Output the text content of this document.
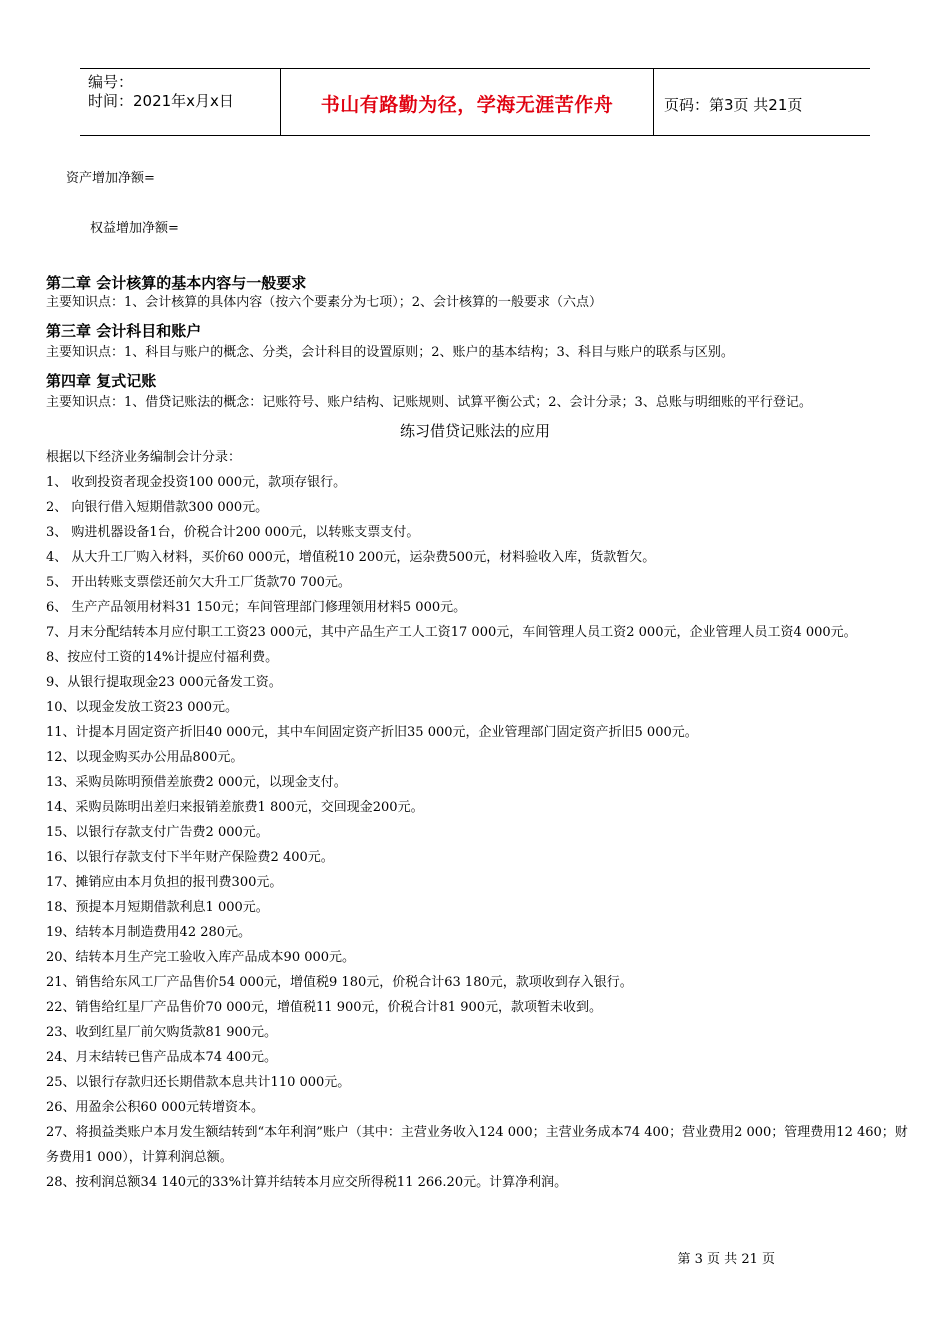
编号：
时间：2021年x月x日	书山有路勤为径，学海无涯苦作舟	页码：第3页 共21页
资产增加净额=
权益增加净额=
第二章 会计核算的基本内容与一般要求
主要知识点：1、会计核算的具体内容（按六个要素分为七项）；2、会计核算的一般要求（六点）
第三章 会计科目和账户
主要知识点：1、科目与账户的概念、分类，会计科目的设置原则；2、账户的基本结构；3、科目与账户的联系与区别。
第四章 复式记账
主要知识点：1、借贷记账法的概念：记账符号、账户结构、记账规则、试算平衡公式；2、会计分录；3、总账与明细账的平行登记。
练习借贷记账法的应用
根据以下经济业务编制会计分录：
1、 收到投资者现金投资100 000元，款项存银行。
2、 向银行借入短期借款300 000元。
3、 购进机器设备1台，价税合计200 000元，以转账支票支付。
4、 从大升工厂购入材料，买价60 000元，增值税10 200元，运杂费500元，材料验收入库，货款暂欠。
5、 开出转账支票偿还前欠大升工厂货款70 700元。
6、 生产产品领用材料31 150元；车间管理部门修理领用材料5 000元。
7、月末分配结转本月应付职工工资23 000元，其中产品生产工人工资17 000元，车间管理人员工资2 000元，企业管理人员工资4 000元。
8、按应付工资的14%计提应付福利费。
9、从银行提取现金23 000元备发工资。
10、以现金发放工资23 000元。
11、计提本月固定资产折旧40 000元，其中车间固定资产折旧35 000元，企业管理部门固定资产折旧5 000元。
12、以现金购买办公用品800元。
13、采购员陈明预借差旅费2 000元，以现金支付。
14、采购员陈明出差归来报销差旅费1 800元，交回现金200元。
15、以银行存款支付广告费2 000元。
16、以银行存款支付下半年财产保险费2 400元。
17、摊销应由本月负担的报刊费300元。
18、预提本月短期借款利息1 000元。
19、结转本月制造费用42 280元。
20、结转本月生产完工验收入库产品成本90 000元。
21、销售给东风工厂产品售价54 000元，增值税9 180元，价税合计63 180元，款项收到存入银行。
22、销售给红星厂产品售价70 000元，增值税11 900元，价税合计81 900元，款项暂未收到。
23、收到红星厂前欠购货款81 900元。
24、月末结转已售产品成本74 400元。
25、以银行存款归还长期借款本息共计110 000元。
26、用盈余公积60 000元转增资本。
27、将损益类账户本月发生额结转到“本年利润”账户（其中：主营业务收入124 000；主营业务成本74 400；营业费用2 000；管理费用12 460；财务费用1 000），计算利润总额。
28、按利润总额34 140元的33%计算并结转本月应交所得税11 266.20元。计算净利润。
第 3 页 共 21 页
